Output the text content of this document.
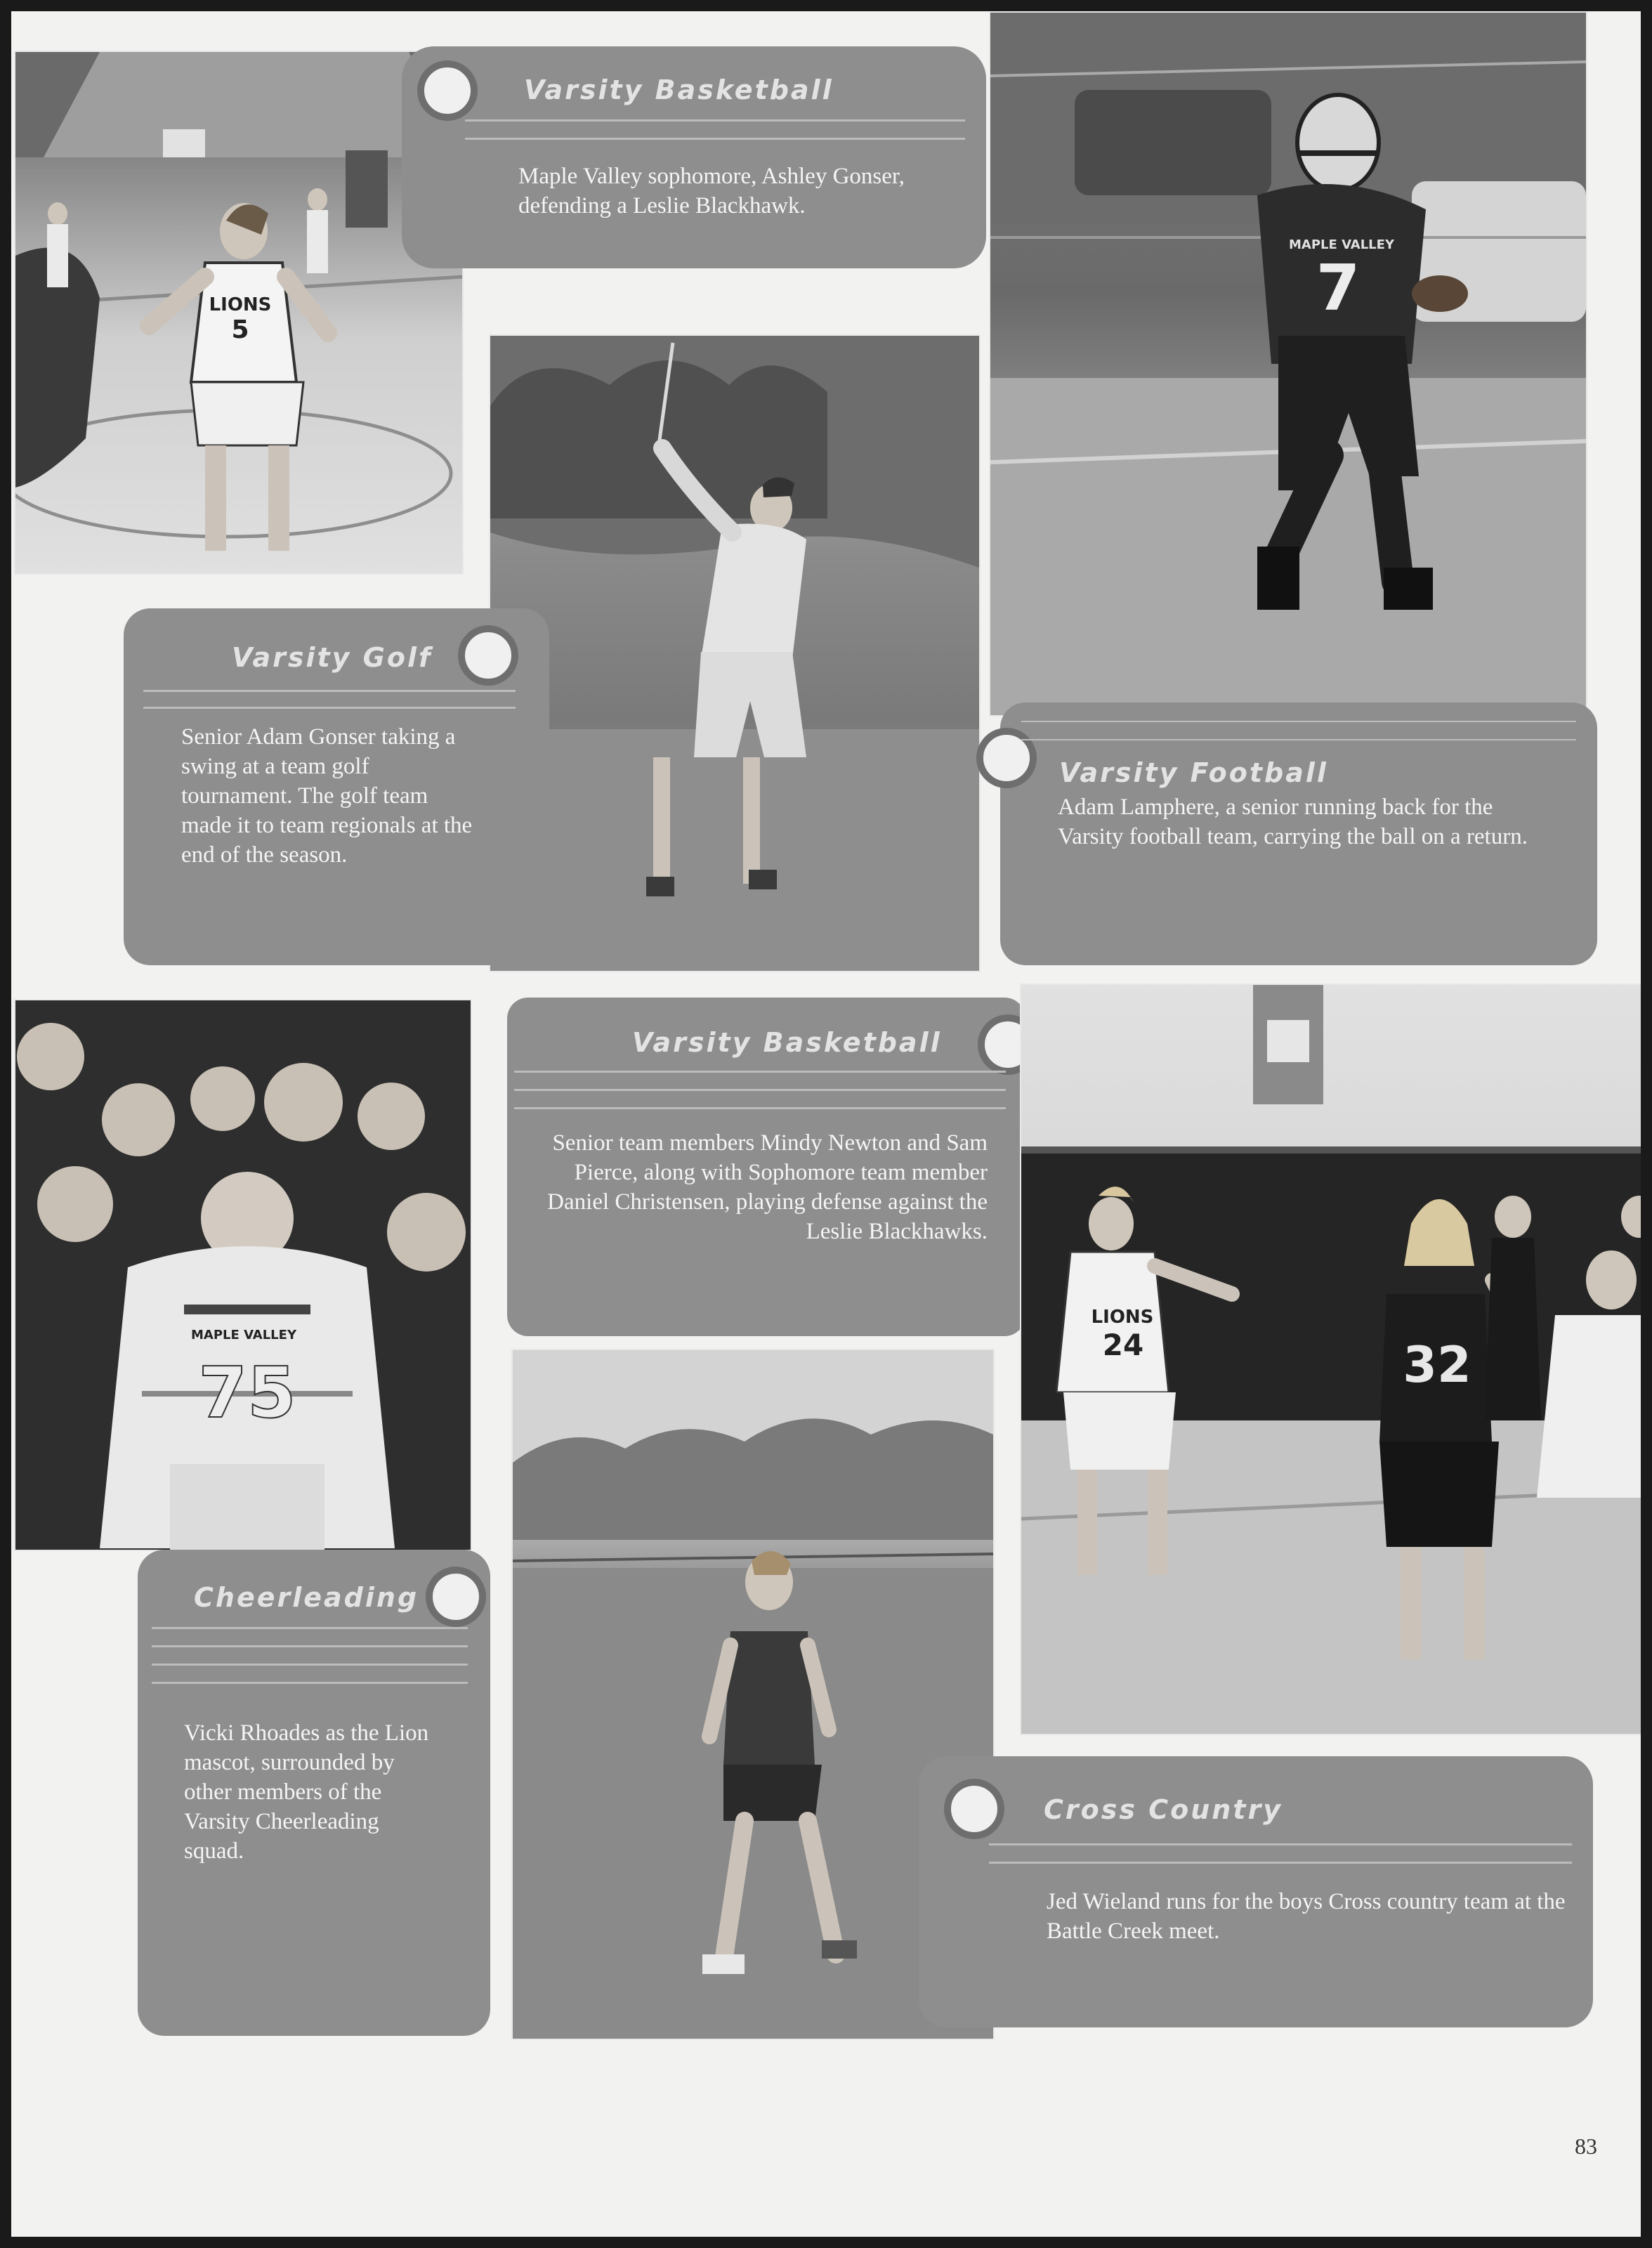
LIONS
5
Varsity Basketball
Maple Valley sophomore, Ashley Gonser, defending a Leslie Blackhawk.
Varsity Golf
Senior Adam Gonser taking a swing at a team golf tournament. The golf team made it to team regionals at the end of the season.
MAPLE VALLEY
7
Varsity Football
Adam Lamphere, a senior running back for the Varsity football team, carrying the ball on a return.
MAPLE VALLEY
75
Cheerleading
Vicki Rhoades as the Lion mascot, surrounded by other members of the Varsity Cheerleading squad.
Varsity Basketball
Senior team members Mindy Newton and Sam Pierce, along with Sophomore team member Daniel Christensen, playing defense against the Leslie Blackhawks.
LIONS
24	32
Cross Country
Jed Wieland runs for the boys Cross country team at the Battle Creek meet.
83
